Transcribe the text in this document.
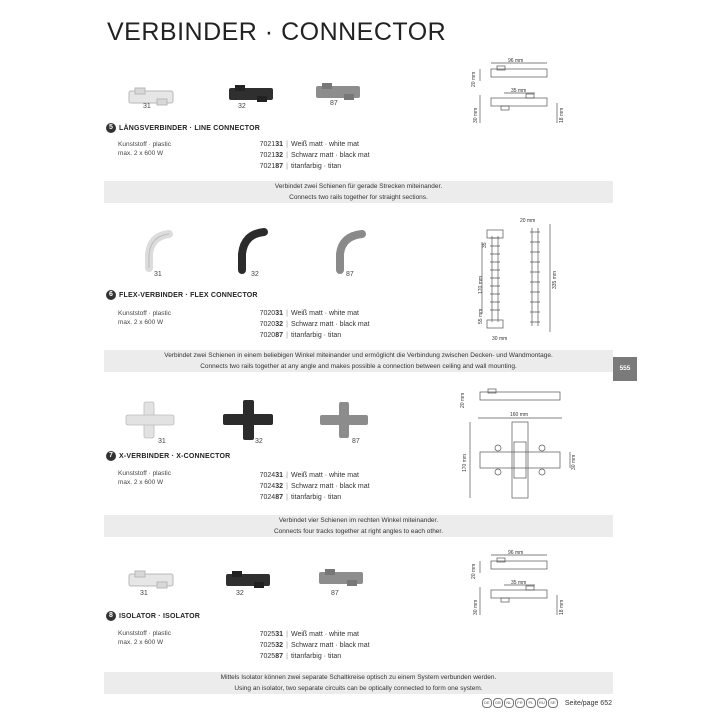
VERBINDER · CONNECTOR
31	32	87
5 LÄNGSVERBINDER · LINE CONNECTOR
Kunststoff · plastic
max. 2 x 600 W
702131 | Weiß matt · white mat
702132 | Schwarz matt · black mat
702187 | titanfarbig · titan
96 mm
20 mm
35 mm
30 mm	18 mm
Verbindet zwei Schienen für gerade Strecken miteinander.
Connects two rails together for straight sections.
31	32	87
6 FLEX-VERBINDER · FLEX CONNECTOR
Kunststoff · plastic
max. 2 x 600 W
702031 | Weiß matt · white mat
702032 | Schwarz matt · black mat
702087 | titanfarbig · titan
20 mm
35
170 mm	335 mm
55 mm
30 mm
Verbindet zwei Schienen in einem beliebigen Winkel miteinander und ermöglicht die Verbindung zwischen Decken- und Wandmontage.
Connects two rails together at any angle and makes possible a connection between ceiling and wall mounting.	555
31	32	87
7 X-VERBINDER · X-CONNECTOR
Kunststoff · plastic
max. 2 x 600 W
702431 | Weiß matt · white mat
702432 | Schwarz matt · black mat
702487 | titanfarbig · titan
20 mm
160 mm
170 mm	30 mm
Verbindet vier Schienen im rechten Winkel miteinander.
Connects four tracks together at right angles to each other.
31	32	87
8 ISOLATOR · ISOLATOR
Kunststoff · plastic
max. 2 x 600 W
702531 | Weiß matt · white mat
702532 | Schwarz matt · black mat
702587 | titanfarbig · titan
96 mm
20 mm
35 mm
30 mm	18 mm
Mittels Isolator können zwei separate Schaltkreise optisch zu einem System verbunden werden.
Using an isolator, two separate circuits can be optically connected to form one system.
DE GB NL FR PL RU SE Seite/page 652
